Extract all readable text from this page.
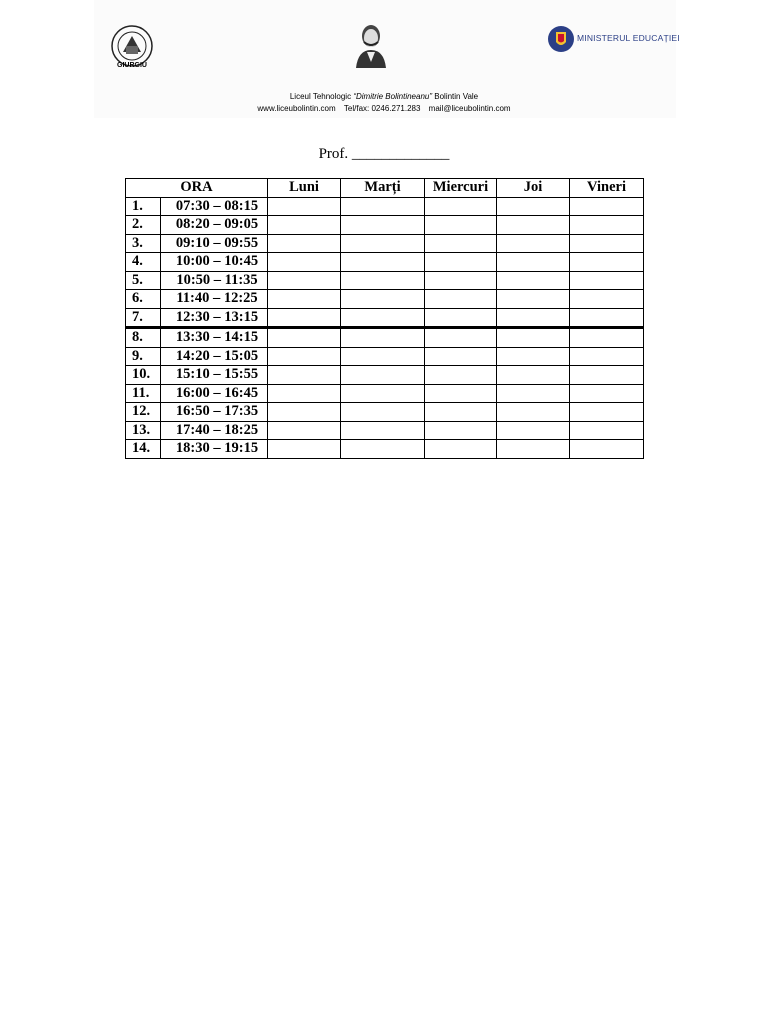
GIURGIU
MINISTERUL EDUCAȚIEI
Liceul Tehnologic “Dimitrie Bolintineanu” Bolintin Vale
www.liceubolintin.com Tel/fax: 0246.271.283 mail@liceubolintin.com
Prof. _____________
ORA		Luni	Marți	Miercuri	Joi	Vineri
1.	07:30 – 08:15					
2.	08:20 – 09:05					
3.	09:10 – 09:55					
4.	10:00 – 10:45					
5.	10:50 – 11:35					
6.	11:40 – 12:25					
7.	12:30 – 13:15					
8.	13:30 – 14:15					
9.	14:20 – 15:05					
10.	15:10 – 15:55					
11.	16:00 – 16:45					
12.	16:50 – 17:35					
13.	17:40 – 18:25					
14.	18:30 – 19:15					
